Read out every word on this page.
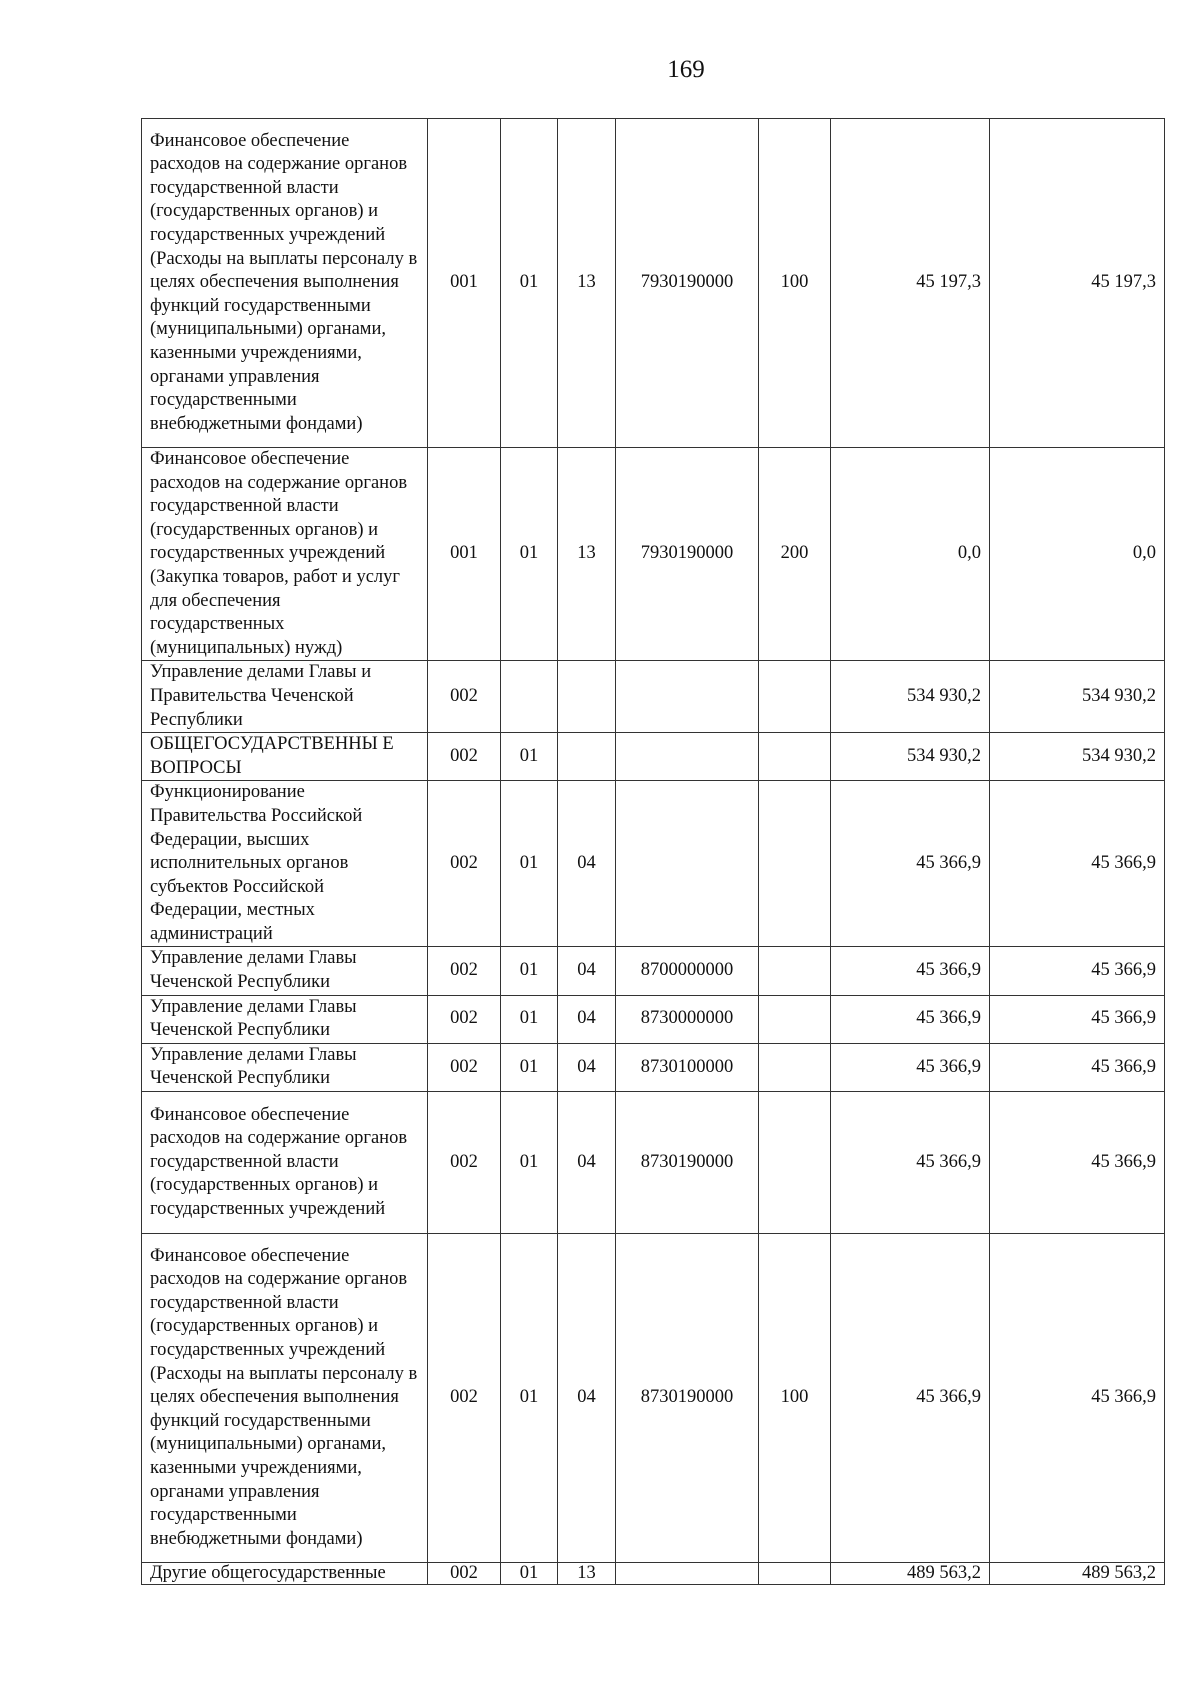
169
Финансовое обеспечение расходов на содержание органов государственной власти (государственных органов) и государственных учреждений (Расходы на выплаты персоналу в целях обеспечения выполнения функций государственными (муниципальными) органами, казенными учреждениями, органами управления государственными внебюджетными фондами)	001	01	13	7930190000	100	45 197,3	45 197,3
Финансовое обеспечение расходов на содержание органов государственной власти (государственных органов) и государственных учреждений (Закупка товаров, работ и услуг для обеспечения государственных (муниципальных) нужд)	001	01	13	7930190000	200	0,0	0,0
Управление делами Главы и Правительства Чеченской Республики	002					534 930,2	534 930,2
ОБЩЕГОСУДАРСТВЕННЫ Е ВОПРОСЫ	002	01				534 930,2	534 930,2
Функционирование Правительства Российской Федерации, высших исполнительных органов субъектов Российской Федерации, местных администраций	002	01	04			45 366,9	45 366,9
Управление делами Главы Чеченской Республики	002	01	04	8700000000		45 366,9	45 366,9
Управление делами Главы Чеченской Республики	002	01	04	8730000000		45 366,9	45 366,9
Управление делами Главы Чеченской Республики	002	01	04	8730100000		45 366,9	45 366,9
Финансовое обеспечение расходов на содержание органов государственной власти (государственных органов) и государственных учреждений	002	01	04	8730190000		45 366,9	45 366,9
Финансовое обеспечение расходов на содержание органов государственной власти (государственных органов) и государственных учреждений (Расходы на выплаты персоналу в целях обеспечения выполнения функций государственными (муниципальными) органами, казенными учреждениями, органами управления государственными внебюджетными фондами)	002	01	04	8730190000	100	45 366,9	45 366,9
Другие общегосударственные	002	01	13			489 563,2	489 563,2
